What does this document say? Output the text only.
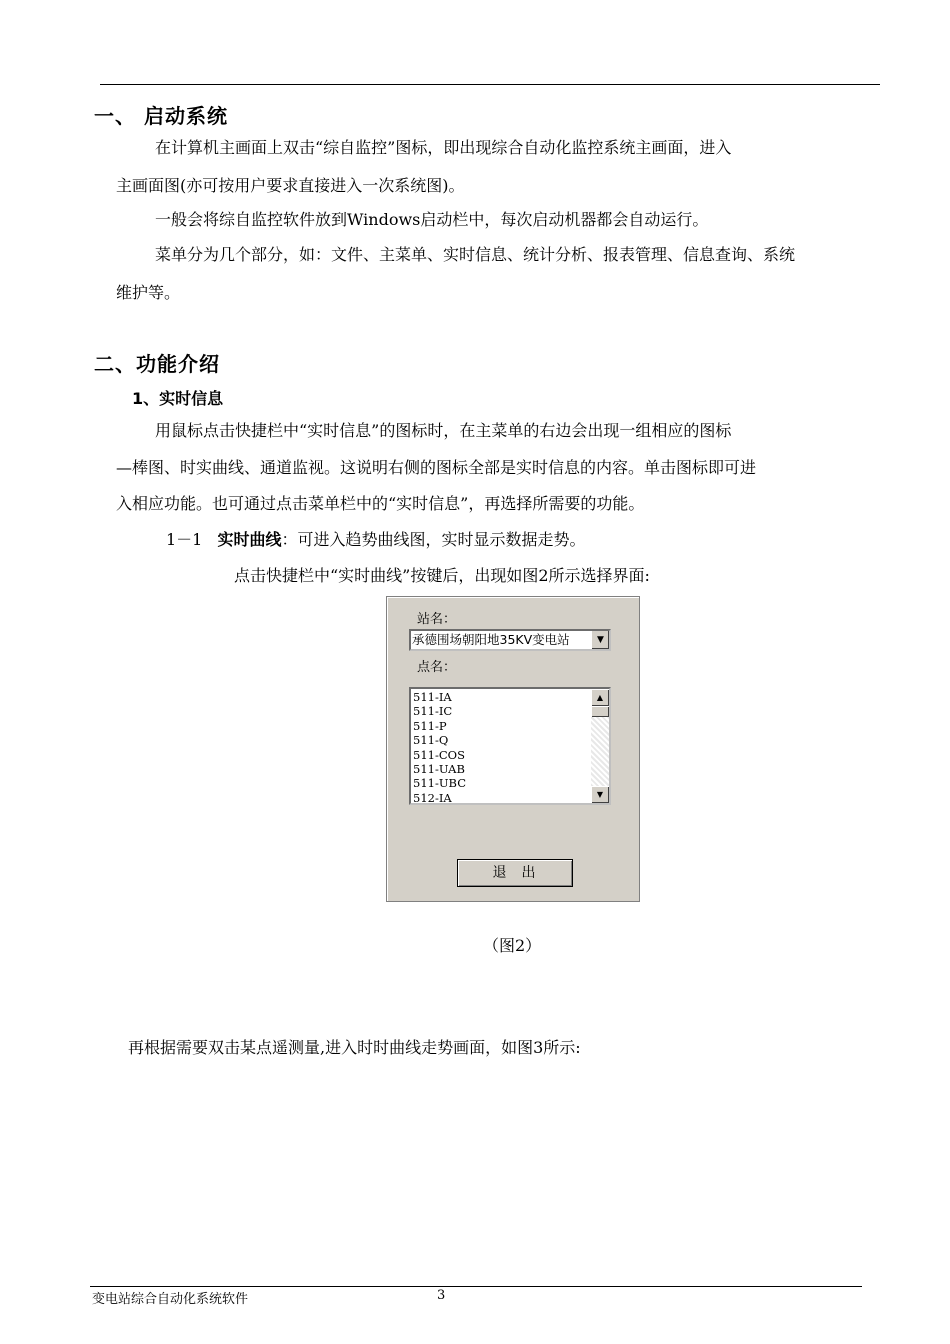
一、 启动系统
在计算机主画面上双击“综自监控”图标，即出现综合自动化监控系统主画面，进入
主画面图(亦可按用户要求直接进入一次系统图)。
一般会将综自监控软件放到Windows启动栏中，每次启动机器都会自动运行。
菜单分为几个部分，如：文件、主菜单、实时信息、统计分析、报表管理、信息查询、系统
维护等。
二、功能介绍
1、实时信息
用鼠标点击快捷栏中“实时信息”的图标时，在主菜单的右边会出现一组相应的图标
—棒图、时实曲线、通道监视。这说明右侧的图标全部是实时信息的内容。单击图标即可进
入相应功能。也可通过点击菜单栏中的“实时信息”，再选择所需要的功能。
1－1 实时曲线：可进入趋势曲线图，实时显示数据走势。
点击快捷栏中“实时曲线”按键后，出现如图2所示选择界面:
站名：
承德围场朝阳地35KV变电站	▼
点名：
511-IA
511-IC
511-P
511-Q
511-COS
511-UAB
511-UBC
512-IA
▲
▼
退  出
（图2）
再根据需要双击某点遥测量,进入时时曲线走势画面，如图3所示:
变电站综合自动化系统软件	3
